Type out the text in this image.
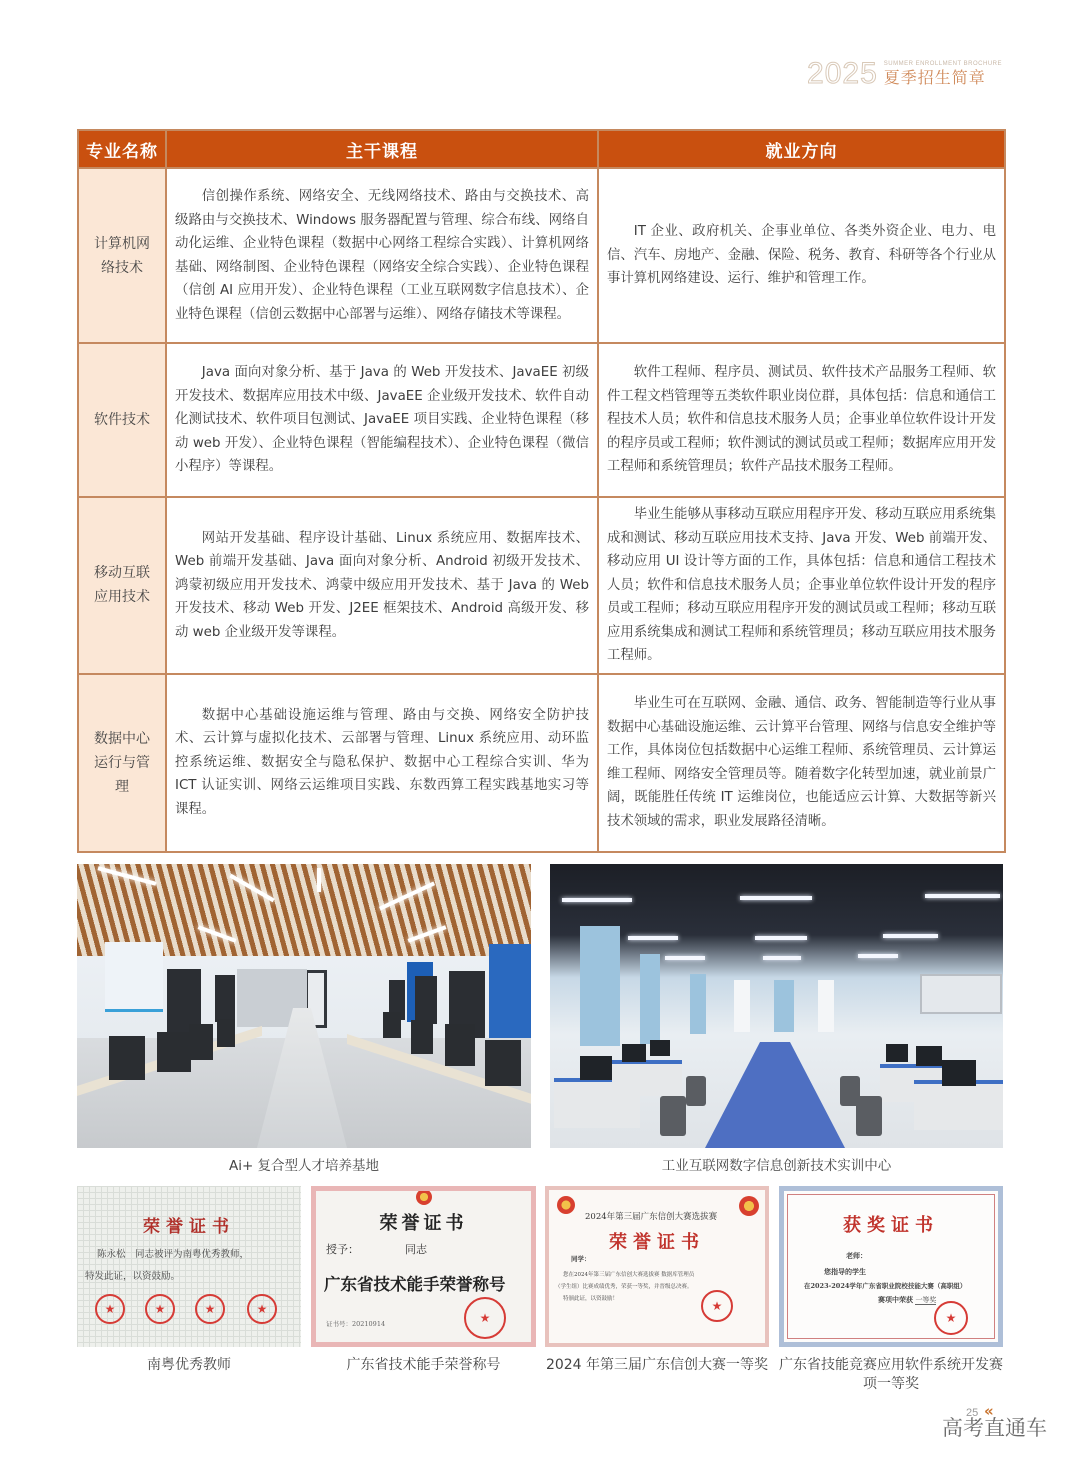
2025 SUMMER ENROLLMENT BROCHURE
夏季招生简章
专业名称	主干课程	就业方向
计算机网络技术	信创操作系统、网络安全、无线网络技术、路由与交换技术、高级路由与交换技术、Windows 服务器配置与管理、综合布线、网络自动化运维、企业特色课程（数据中心网络工程综合实践）、计算机网络基础、网络制图、企业特色课程（网络安全综合实践）、企业特色课程（信创 AI 应用开发）、企业特色课程（工业互联网数字信息技术）、企业特色课程（信创云数据中心部署与运维）、网络存储技术等课程。	IT 企业、政府机关、企事业单位、各类外资企业、电力、电信、汽车、房地产、金融、保险、税务、教育、科研等各个行业从事计算机网络建设、运行、维护和管理工作。

软件技术	Java 面向对象分析、基于 Java 的 Web 开发技术、JavaEE 初级开发技术、数据库应用技术中级、JavaEE 企业级开发技术、软件自动化测试技术、软件项目包测试、JavaEE 项目实践、企业特色课程（移动 web 开发）、企业特色课程（智能编程技术）、企业特色课程（微信小程序）等课程。	软件工程师、程序员、测试员、软件技术产品服务工程师、软件工程文档管理等五类软件职业岗位群，具体包括：信息和通信工程技术人员；软件和信息技术服务人员；企事业单位软件设计开发的程序员或工程师；软件测试的测试员或工程师；数据库应用开发工程师和系统管理员；软件产品技术服务工程师。

移动互联应用技术	网站开发基础、程序设计基础、Linux 系统应用、数据库技术、Web 前端开发基础、Java 面向对象分析、Android 初级开发技术、鸿蒙初级应用开发技术、鸿蒙中级应用开发技术、基于 Java 的 Web 开发技术、移动 Web 开发、J2EE 框架技术、Android 高级开发、移动 web 企业级开发等课程。	毕业生能够从事移动互联应用程序开发、移动互联应用系统集成和测试、移动互联应用技术支持、Java 开发、Web 前端开发、移动应用 UI 设计等方面的工作，具体包括：信息和通信工程技术人员；软件和信息技术服务人员；企事业单位软件设计开发的程序员或工程师；移动互联应用程序开发的测试员或工程师；移动互联应用系统集成和测试工程师和系统管理员；移动互联应用技术服务工程师。

数据中心运行与管理	数据中心基础设施运维与管理、路由与交换、网络安全防护技术、云计算与虚拟化技术、云部署与管理、Linux 系统应用、动环监控系统运维、数据安全与隐私保护、数据中心工程综合实训、华为 ICT 认证实训、网络云运维项目实践、东数西算工程实践基地实习等课程。	毕业生可在互联网、金融、通信、政务、智能制造等行业从事数据中心基础设施运维、云计算平台管理、网络与信息安全维护等工作，具体岗位包括数据中心运维工程师、系统管理员、云计算运维工程师、网络安全管理员等。随着数字化转型加速，就业前景广阔，既能胜任传统 IT 运维岗位，也能适应云计算、大数据等新兴技术领域的需求，职业发展路径清晰。

Ai+ 复合型人才培养基地	工业互联网数字信息创新技术实训中心
荣誉证书
陈永松　同志被评为南粤优秀教师，
特发此证，以资鼓励。
★	★	★	★
南粤优秀教师
荣誉证书
授予：	同志
广东省技术能手荣誉称号
证书号：20210914	★
广东省技术能手荣誉称号
2024年第三届广东信创大赛选拔赛
荣誉证书
同学：
您在2024年第三届广东信创大赛选拔赛 数据库管理员
（学生组）比赛成绩优秀，荣获一等奖，并晋级总决赛。
特颁此证，以资鼓励！	★
2024 年第三届广东信创大赛一等奖
获奖证书
老师：
您指导的学生
在2023-2024学年广东省职业院校技能大赛（高职组）
赛项中荣获 一等奖
★
广东省技能竞赛应用软件系统开发赛项一等奖
25 «
高考直通车
